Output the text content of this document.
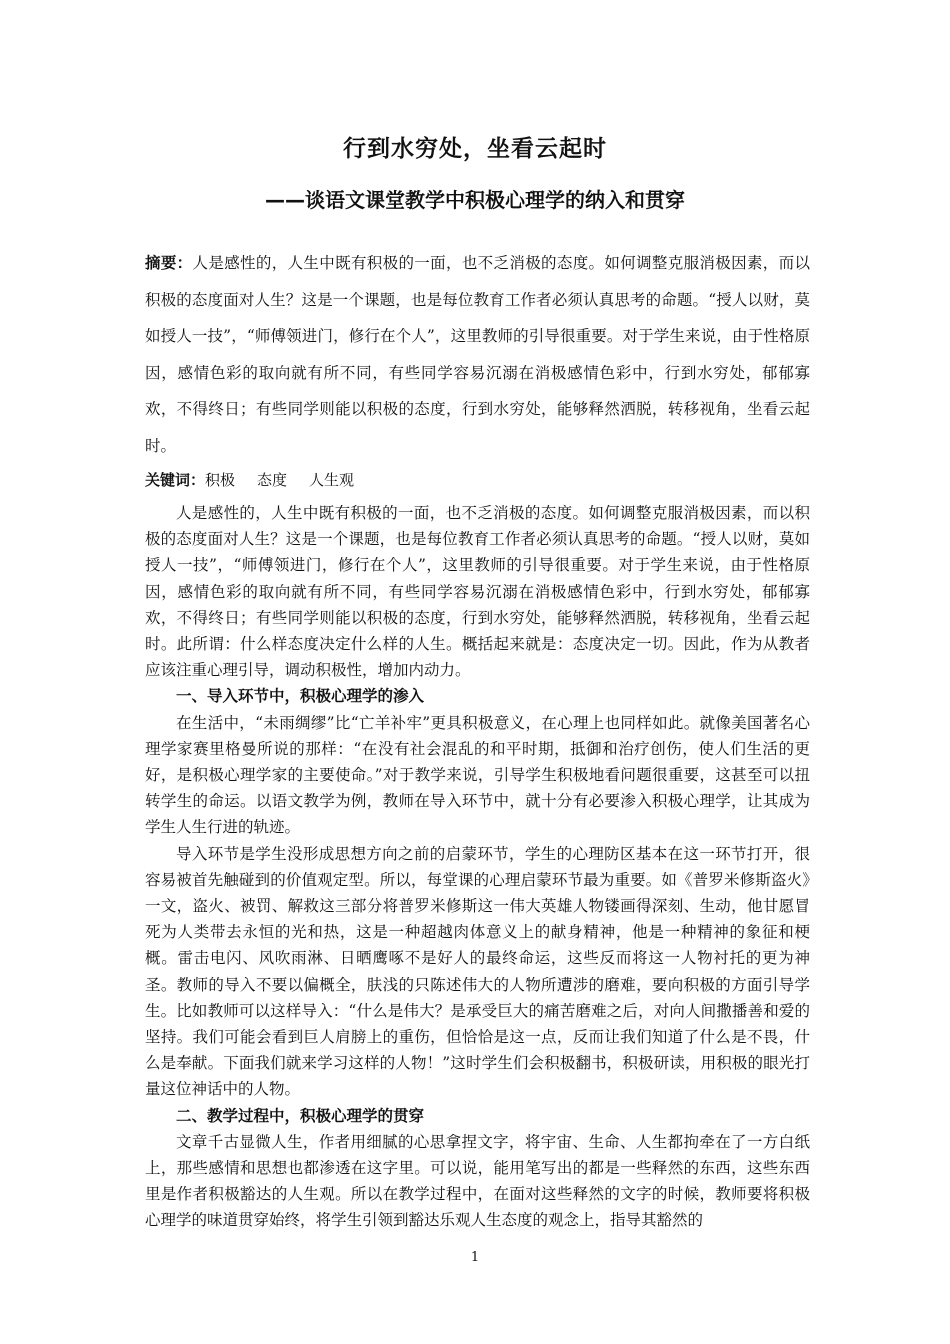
行到水穷处，坐看云起时
——谈语文课堂教学中积极心理学的纳入和贯穿

摘要：人是感性的，人生中既有积极的一面，也不乏消极的态度。如何调整克服消极因素，而以积极的态度面对人生？这是一个课题，也是每位教育工作者必须认真思考的命题。“授人以财，莫如授人一技”，“师傅领进门，修行在个人”，这里教师的引导很重要。对于学生来说，由于性格原因，感情色彩的取向就有所不同，有些同学容易沉溺在消极感情色彩中，行到水穷处，郁郁寡欢，不得终日；有些同学则能以积极的态度，行到水穷处，能够释然洒脱，转移视角，坐看云起时。

关键词：积极 态度 人生观

人是感性的，人生中既有积极的一面，也不乏消极的态度。如何调整克服消极因素，而以积极的态度面对人生？这是一个课题，也是每位教育工作者必须认真思考的命题。“授人以财，莫如授人一技”，“师傅领进门，修行在个人”，这里教师的引导很重要。对于学生来说，由于性格原因，感情色彩的取向就有所不同，有些同学容易沉溺在消极感情色彩中，行到水穷处，郁郁寡欢，不得终日；有些同学则能以积极的态度，行到水穷处，能够释然洒脱，转移视角，坐看云起时。此所谓：什么样态度决定什么样的人生。概括起来就是：态度决定一切。因此，作为从教者应该注重心理引导，调动积极性，增加内动力。

一、导入环节中，积极心理学的渗入

在生活中，“未雨绸缪”比“亡羊补牢”更具积极意义，在心理上也同样如此。就像美国著名心理学家赛里格曼所说的那样：“在没有社会混乱的和平时期，抵御和治疗创伤，使人们生活的更好，是积极心理学家的主要使命。”对于教学来说，引导学生积极地看问题很重要，这甚至可以扭转学生的命运。以语文教学为例，教师在导入环节中，就十分有必要渗入积极心理学，让其成为学生人生行进的轨迹。

导入环节是学生没形成思想方向之前的启蒙环节，学生的心理防区基本在这一环节打开，很容易被首先触碰到的价值观定型。所以，每堂课的心理启蒙环节最为重要。如《普罗米修斯盗火》一文，盗火、被罚、解救这三部分将普罗米修斯这一伟大英雄人物镂画得深刻、生动，他甘愿冒死为人类带去永恒的光和热，这是一种超越肉体意义上的献身精神，他是一种精神的象征和梗概。雷击电闪、风吹雨淋、日晒鹰啄不是好人的最终命运，这些反而将这一人物衬托的更为神圣。教师的导入不要以偏概全，肤浅的只陈述伟大的人物所遭涉的磨难，要向积极的方面引导学生。比如教师可以这样导入：“什么是伟大？是承受巨大的痛苦磨难之后，对向人间撒播善和爱的坚持。我们可能会看到巨人肩膀上的重伤，但恰恰是这一点，反而让我们知道了什么是不畏，什么是奉献。下面我们就来学习这样的人物！”这时学生们会积极翻书，积极研读，用积极的眼光打量这位神话中的人物。

二、教学过程中，积极心理学的贯穿

文章千古显微人生，作者用细腻的心思拿捏文字，将宇宙、生命、人生都拘牵在了一方白纸上，那些感情和思想也都渗透在这字里。可以说，能用笔写出的都是一些释然的东西，这些东西里是作者积极豁达的人生观。所以在教学过程中，在面对这些释然的文字的时候，教师要将积极心理学的味道贯穿始终，将学生引领到豁达乐观人生态度的观念上，指导其豁然的

1
